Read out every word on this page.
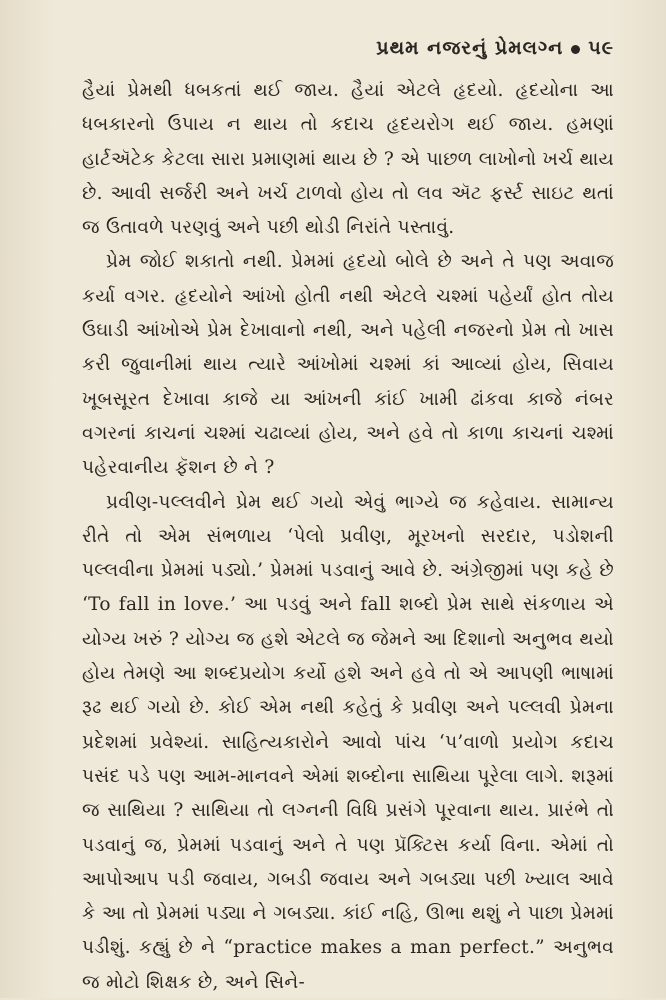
પ્રથમ નજરનું પ્રેમલગ્ન ૫૯

હૈયાં પ્રેમથી ધબકતાં થઈ જાય. હૈયાં એટલે હૃદયો. હૃદયોના આ ધબકારનો ઉપાય ન થાય તો કદાચ હૃદયરોગ થઈ જાય. હમણાં હાર્ટઍટેક કેટલા સારા પ્રમાણમાં થાય છે ? એ પાછળ લાખોનો ખર્ચ થાય છે. આવી સર્જરી અને ખર્ચ ટાળવો હોય તો લવ ઍટ ફર્સ્ટ સાઇટ થતાં જ ઉતાવળે પરણવું અને પછી થોડી નિરાંતે પસ્તાવું.

પ્રેમ જોઈ શકાતો નથી. પ્રેમમાં હૃદયો બોલે છે અને તે પણ અવાજ કર્યા વગર. હૃદયોને આંખો હોતી નથી એટલે ચશ્માં પહેર્યાં હોત તોય ઉઘાડી આંખોએ પ્રેમ દેખાવાનો નથી, અને પહેલી નજરનો પ્રેમ તો ખાસ કરી જુવાનીમાં થાય ત્યારે આંખોમાં ચશ્માં કાં આવ્યાં હોય, સિવાય ખૂબસૂરત દેખાવા કાજે યા આંખની કાંઈ ખામી ઢાંકવા કાજે નંબર વગરનાં કાચનાં ચશ્માં ચઢાવ્યાં હોય, અને હવે તો કાળા કાચનાં ચશ્માં પહેરવાનીય ફૅશન છે ને ?

પ્રવીણ-પલ્લવીને પ્રેમ થઈ ગયો એવું ભાગ્યે જ કહેવાય. સામાન્ય રીતે તો એમ સંભળાય ‘પેલો પ્રવીણ, મૂરખનો સરદાર, પડોશની પલ્લવીના પ્રેમમાં પડ્યો.’ પ્રેમમાં પડવાનું આવે છે. અંગ્રેજીમાં પણ કહે છે ‘To fall in love.’ આ પડવું અને fall શબ્દો પ્રેમ સાથે સંકળાય એ યોગ્ય ખરું ? યોગ્ય જ હશે એટલે જ જેમને આ દિશાનો અનુભવ થયો હોય તેમણે આ શબ્દપ્રયોગ કર્યો હશે અને હવે તો એ આપણી ભાષામાં રૂઢ થઈ ગયો છે. કોઈ એમ નથી કહેતું કે પ્રવીણ અને પલ્લવી પ્રેમના પ્રદેશમાં પ્રવેશ્યાં. સાહિત્યકારોને આવો પાંચ ‘પ’વાળો પ્રયોગ કદાચ પસંદ પડે પણ આમ-માનવને એમાં શબ્દોના સાથિયા પૂરેલા લાગે. શરૂમાં જ સાથિયા ? સાથિયા તો લગ્નની વિધિ પ્રસંગે પૂરવાના થાય. પ્રારંભે તો પડવાનું જ, પ્રેમમાં પડવાનું અને તે પણ પ્રૅક્ટિસ કર્યા વિના. એમાં તો આપોઆપ પડી જવાય, ગબડી જવાય અને ગબડ્યા પછી ખ્યાલ આવે કે આ તો પ્રેમમાં પડ્યા ને ગબડ્યા. કાંઈ નહિ, ઊભા થશું ને પાછા પ્રેમમાં પડીશું. કહ્યું છે ને “practice makes a man perfect.” અનુભવ જ મોટો શિક્ષક છે, અને સિને-
